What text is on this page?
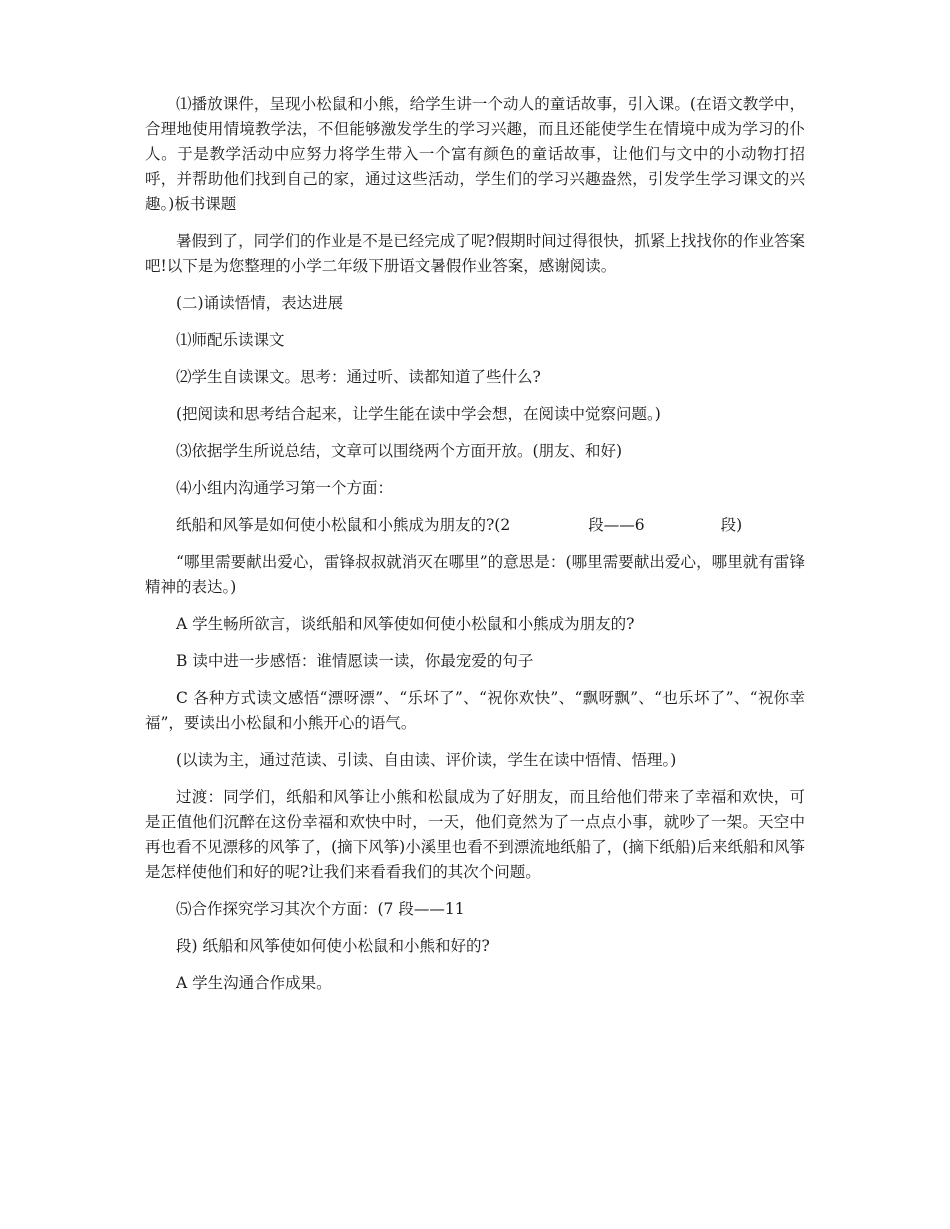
⑴播放课件，呈现小松鼠和小熊，给学生讲一个动人的童话故事，引入课。(在语文教学中，合理地使用情境教学法，不但能够激发学生的学习兴趣，而且还能使学生在情境中成为学习的仆人。于是教学活动中应努力将学生带入一个富有颜色的童话故事，让他们与文中的小动物打招呼，并帮助他们找到自己的家，通过这些活动，学生们的学习兴趣盎然，引发学生学习课文的兴趣。)板书课题

暑假到了，同学们的作业是不是已经完成了呢?假期时间过得很快，抓紧上找找你的作业答案吧!以下是为您整理的小学二年级下册语文暑假作业答案，感谢阅读。

(二)诵读悟情，表达进展

⑴师配乐读课文

⑵学生自读课文。思考：通过听、读都知道了些什么?

(把阅读和思考结合起来，让学生能在读中学会想，在阅读中觉察问题。)

⑶依据学生所说总结，文章可以围绕两个方面开放。(朋友、和好)

⑷小组内沟通学习第一个方面：

纸船和风筝是如何使小松鼠和小熊成为朋友的?(2	段——6	段)

“哪里需要献出爱心，雷锋叔叔就消灭在哪里”的意思是：(哪里需要献出爱心，哪里就有雷锋精神的表达。)

A 学生畅所欲言，谈纸船和风筝使如何使小松鼠和小熊成为朋友的?

B 读中进一步感悟：谁情愿读一读，你最宠爱的句子

C 各种方式读文感悟“漂呀漂”、“乐坏了”、“祝你欢快”、“飘呀飘”、“也乐坏了”、“祝你幸福”，要读出小松鼠和小熊开心的语气。

(以读为主，通过范读、引读、自由读、评价读，学生在读中悟情、悟理。)

过渡：同学们，纸船和风筝让小熊和松鼠成为了好朋友，而且给他们带来了幸福和欢快，可是正值他们沉醉在这份幸福和欢快中时，一天，他们竟然为了一点点小事，就吵了一架。天空中再也看不见漂移的风筝了，(摘下风筝)小溪里也看不到漂流地纸船了，(摘下纸船)后来纸船和风筝是怎样使他们和好的呢?让我们来看看我们的其次个问题。

⑸合作探究学习其次个方面：(7 段——11

段) 纸船和风筝使如何使小松鼠和小熊和好的?

A 学生沟通合作成果。
